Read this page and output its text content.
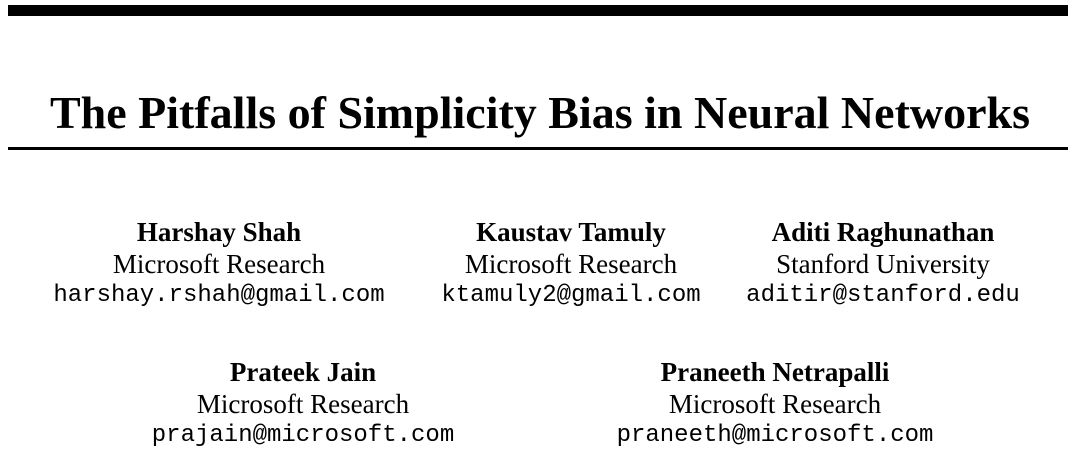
The Pitfalls of Simplicity Bias in Neural Networks
Harshay Shah
Microsoft Research
harshay.rshah@gmail.com
Kaustav Tamuly
Microsoft Research
ktamuly2@gmail.com
Aditi Raghunathan
Stanford University
aditir@stanford.edu
Prateek Jain
Microsoft Research
prajain@microsoft.com
Praneeth Netrapalli
Microsoft Research
praneeth@microsoft.com
